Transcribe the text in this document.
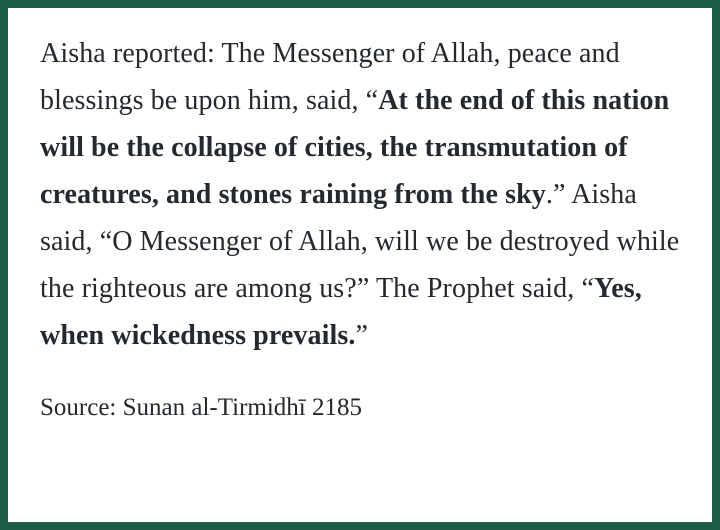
Aisha reported: The Messenger of Allah, peace and blessings be upon him, said, “At the end of this nation will be the collapse of cities, the transmutation of creatures, and stones raining from the sky.” Aisha said, “O Messenger of Allah, will we be destroyed while the righteous are among us?” The Prophet said, “Yes, when wickedness prevails.”

Source: Sunan al-Tirmidhī 2185
